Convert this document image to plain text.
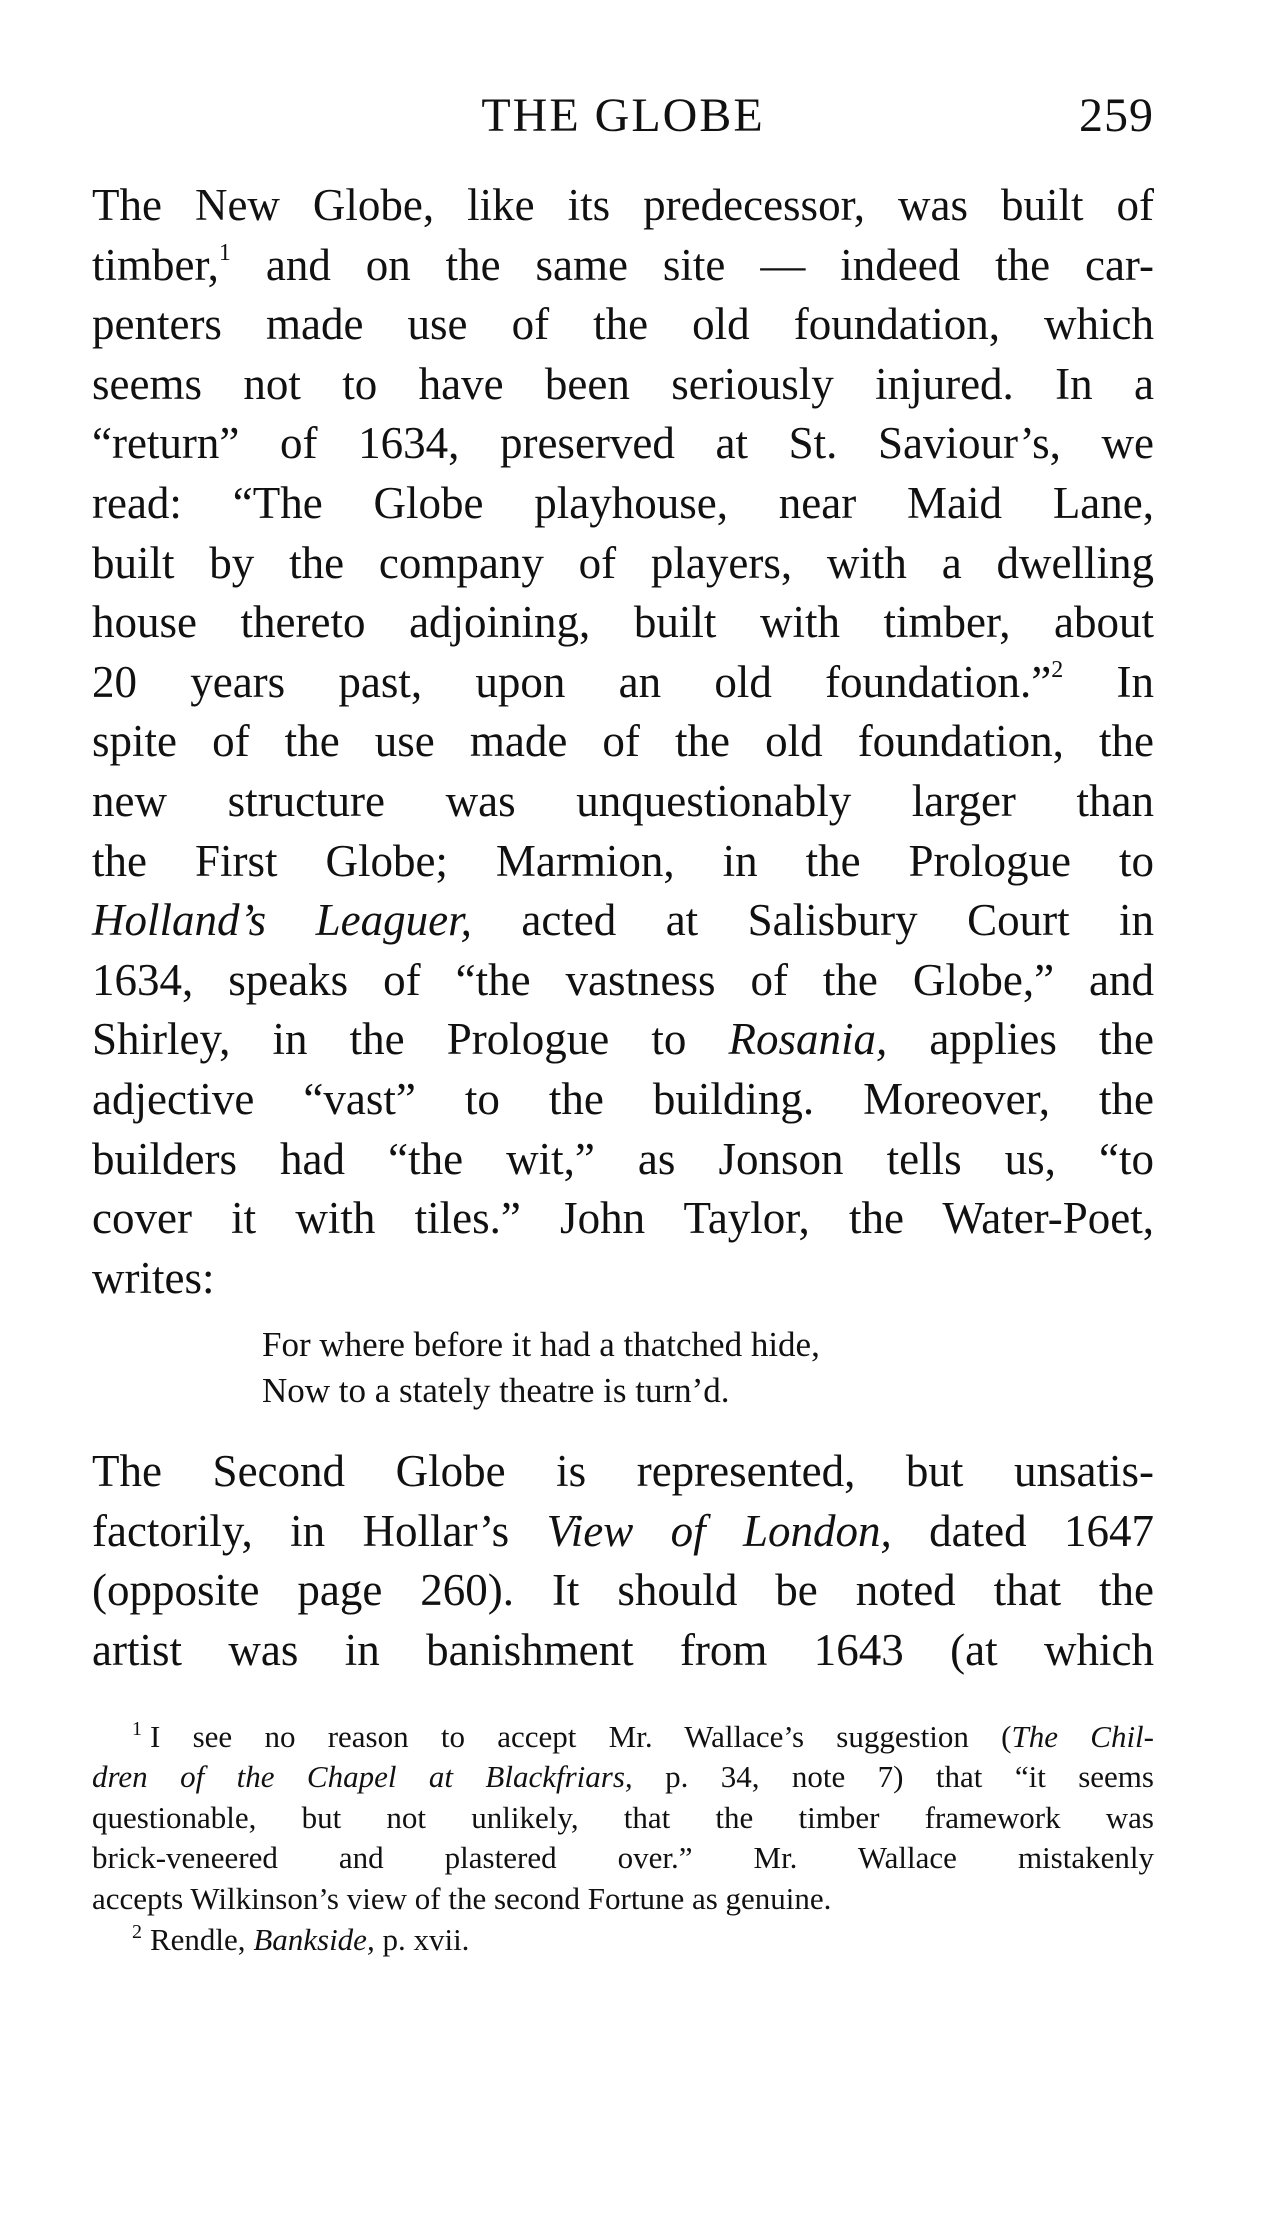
THE GLOBE	259

The New Globe, like its predecessor, was built of
timber,$^1$ and on the same site — indeed the car-
penters made use of the old foundation, which
seems not to have been seriously injured. In a
“return” of 1634, preserved at St. Saviour’s, we
read: “The Globe playhouse, near Maid Lane,
built by the company of players, with a dwelling
house thereto adjoining, built with timber, about
20 years past, upon an old foundation.”$^2$ In
spite of the use made of the old foundation, the
new structure was unquestionably larger than
the First Globe; Marmion, in the Prologue to
Holland’s Leaguer, acted at Salisbury Court in
1634, speaks of “the vastness of the Globe,” and
Shirley, in the Prologue to Rosania, applies the
adjective “vast” to the building. Moreover, the
builders had “the wit,” as Jonson tells us, “to
cover it with tiles.” John Taylor, the Water-Poet,
writes:

For where before it had a thatched hide,
Now to a stately theatre is turn’d.

The Second Globe is represented, but unsatis-
factorily, in Hollar’s View of London, dated 1647
(opposite page 260). It should be noted that the
artist was in banishment from 1643 (at which

$^1$ I see no reason to accept Mr. Wallace’s suggestion (The Chil-
dren of the Chapel at Blackfriars, p. 34, note 7) that “it seems
questionable, but not unlikely, that the timber framework was
brick-veneered and plastered over.” Mr. Wallace mistakenly
accepts Wilkinson’s view of the second Fortune as genuine.
$^2$ Rendle, Bankside, p. xvii.
